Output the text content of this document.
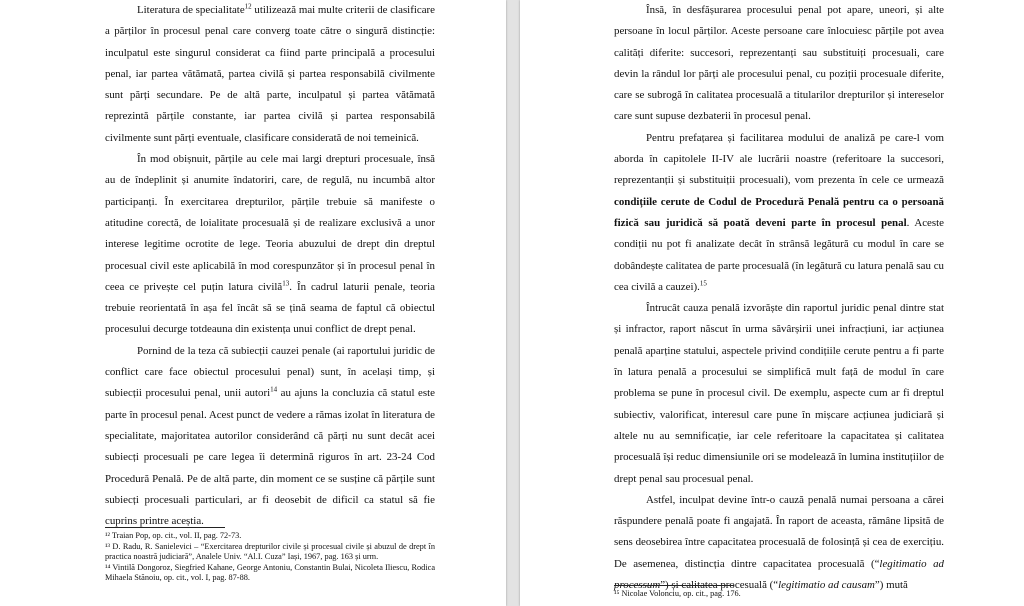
Literatura de specialitate$^{12}$ utilizează mai multe criterii de clasificare a părților în procesul penal care converg toate către o singură distincție: inculpatul este singurul considerat ca fiind parte principală a procesului penal, iar partea vătămată, partea civilă și partea responsabilă civilmente sunt părți secundare. Pe de altă parte, inculpatul și partea vătămată reprezintă părțile constante, iar partea civilă și partea responsabilă civilmente sunt părți eventuale, clasificare considerată de noi temeinică.

În mod obișnuit, părțile au cele mai largi drepturi procesuale, însă au de îndeplinit și anumite îndatoriri, care, de regulă, nu incumbă altor participanți. În exercitarea drepturilor, părțile trebuie să manifeste o atitudine corectă, de loialitate procesuală și de realizare exclusivă a unor interese legitime ocrotite de lege. Teoria abuzului de drept din dreptul procesual civil este aplicabilă în mod corespunzător și în procesul penal în ceea ce privește cel puțin latura civilă$^{13}$. În cadrul laturii penale, teoria trebuie reorientată în așa fel încât să se țină seama de faptul că obiectul procesului decurge totdeauna din existența unui conflict de drept penal.

Pornind de la teza că subiecții cauzei penale (ai raportului juridic de conflict care face obiectul procesului penal) sunt, în același timp, și subiecții procesului penal, unii autori$^{14}$ au ajuns la concluzia că statul este parte în procesul penal. Acest punct de vedere a rămas izolat în literatura de specialitate, majoritatea autorilor considerând că părți nu sunt decât acei subiecți procesuali pe care legea îi determină riguros în art. 23-24 Cod Procedură Penală. Pe de altă parte, din moment ce se susține că părțile sunt subiecți procesuali particulari, ar fi deosebit de dificil ca statul să fie cuprins printre aceștia.

¹² Traian Pop, op. cit., vol. II, pag. 72-73.

¹³ D. Radu, R. Sanielevici – “Exercitarea drepturilor civile și procesual civile și abuzul de drept în practica noastră judiciară”, Analele Univ. “Al.I. Cuza” Iași, 1967, pag. 163 și urm.

¹⁴ Vintilă Dongoroz, Siegfried Kahane, George Antoniu, Constantin Bulai, Nicoleta Iliescu, Rodica Mihaela Stănoiu, op. cit., vol. I, pag. 87-88.

Însă, în desfășurarea procesului penal pot apare, uneori, și alte persoane în locul părților. Aceste persoane care înlocuiesc părțile pot avea calități diferite: succesori, reprezentanți sau substituiți procesuali, care devin la rândul lor părți ale procesului penal, cu poziții procesuale diferite, care se subrogă în calitatea procesuală a titularilor drepturilor și intereselor care sunt supuse dezbaterii în procesul penal.

Pentru prefațarea și facilitarea modului de analiză pe care-l vom aborda în capitolele II-IV ale lucrării noastre (referitoare la succesori, reprezentanții și substituiții procesuali), vom prezenta în cele ce urmează condițiile cerute de Codul de Procedură Penală pentru ca o persoană fizică sau juridică să poată deveni parte în procesul penal. Aceste condiții nu pot fi analizate decât în strânsă legătură cu modul în care se dobândește calitatea de parte procesuală (în legătură cu latura penală sau cu cea civilă a cauzei).$^{15}$

Întrucât cauza penală izvorăște din raportul juridic penal dintre stat și infractor, raport născut în urma săvârșirii unei infracțiuni, iar acțiunea penală aparține statului, aspectele privind condițiile cerute pentru a fi parte în latura penală a procesului se simplifică mult față de modul în care problema se pune în procesul civil. De exemplu, aspecte cum ar fi dreptul subiectiv, valorificat, interesul care pune în mișcare acțiunea judiciară și altele nu au semnificație, iar cele referitoare la capacitatea și calitatea procesuală își reduc dimensiunile ori se modelează în lumina instituțiilor de drept penal sau procesual penal.

Astfel, inculpat devine într-o cauză penală numai persoana a cărei răspundere penală poate fi angajată. În raport de aceasta, rămâne lipsită de sens deosebirea între capacitatea procesuală de folosință și cea de exercițiu. De asemenea, distincția dintre capacitatea procesuală (“legitimatio ad processum”) și calitatea procesuală (“legitimatio ad causam”) mută

¹⁵ Nicolae Volonciu, op. cit., pag. 176.
